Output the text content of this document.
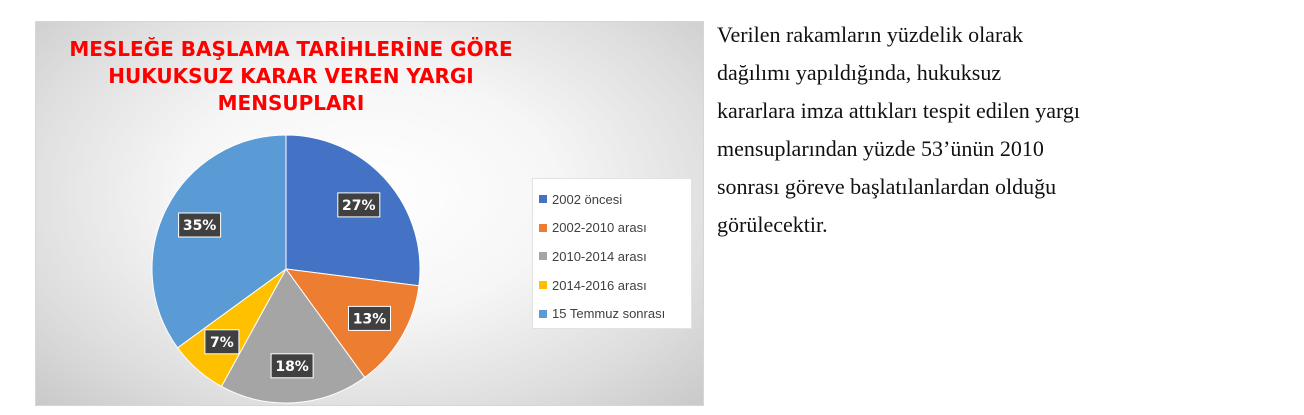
MESLEĞE BAŞLAMA TARİHLERİNE GÖRE
HUKUKSUZ KARAR VEREN YARGI MENSUPLARI
27%
13%
18%
7%
35%
2002 öncesi
2002-2010 arası
2010-2014 arası
2014-2016 arası
15 Temmuz sonrası

Verilen rakamların yüzdelik olarak
dağılımı yapıldığında, hukuksuz
kararlara imza attıkları tespit edilen yargı
mensuplarından yüzde 53’ünün 2010
sonrası göreve başlatılanlardan olduğu
görülecektir.
